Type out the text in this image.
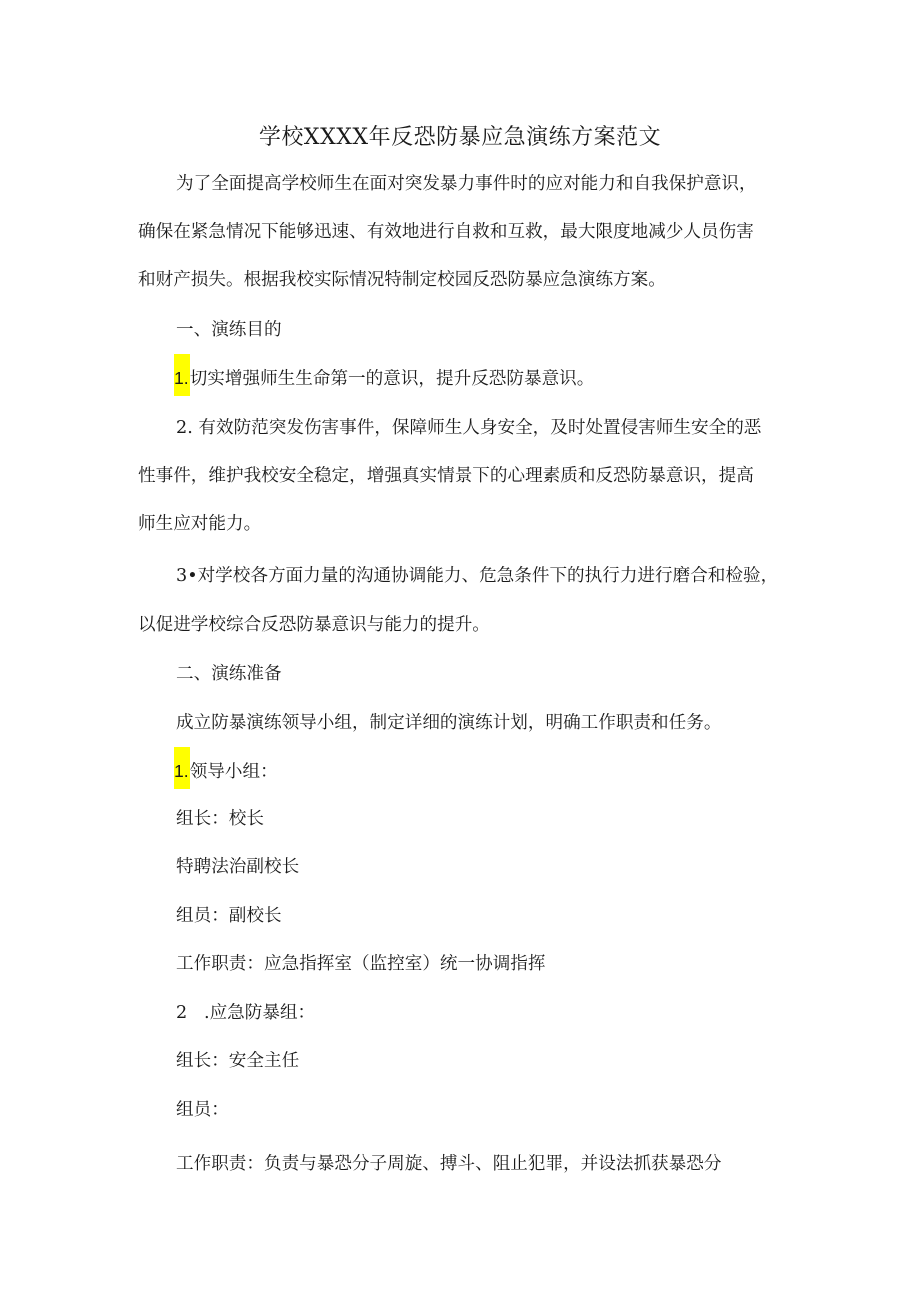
学校XXXX年反恐防暴应急演练方案范文

为了全面提高学校师生在面对突发暴力事件时的应对能力和自我保护意识，

确保在紧急情况下能够迅速、有效地进行自救和互救，最大限度地减少人员伤害

和财产损失。根据我校实际情况特制定校园反恐防暴应急演练方案。

一、演练目的

1.切实增强师生生命第一的意识，提升反恐防暴意识。

2. 有效防范突发伤害事件，保障师生人身安全，及时处置侵害师生安全的恶

性事件，维护我校安全稳定，增强真实情景下的心理素质和反恐防暴意识，提高

师生应对能力。

3•对学校各方面力量的沟通协调能力、危急条件下的执行力进行磨合和检验，

以促进学校综合反恐防暴意识与能力的提升。

二、演练准备

成立防暴演练领导小组，制定详细的演练计划，明确工作职责和任务。

1.领导小组：

组长：校长

特聘法治副校长

组员：副校长

工作职责：应急指挥室（监控室）统一协调指挥

2   .应急防暴组：

组长：安全主任

组员：

工作职责：负责与暴恐分子周旋、搏斗、阻止犯罪，并设法抓获暴恐分
